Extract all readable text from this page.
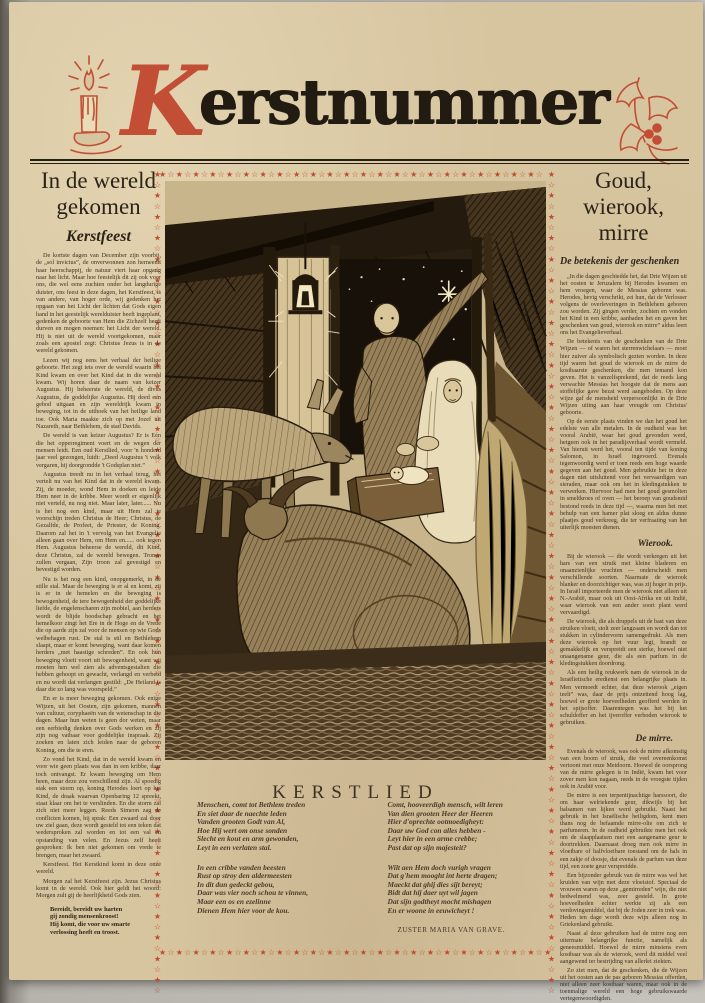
Kerstnummer
★☆★☆★☆★☆★☆★☆★☆★☆★☆★☆★☆★☆★☆★☆★☆★☆★☆★☆★☆★☆★☆★☆★☆
★☆★☆★☆★☆★☆★☆★☆★☆★☆★☆★☆★☆★☆★☆★☆★☆★☆★☆★☆★☆★☆★☆★☆★
★☆★☆★☆★☆★☆★☆★☆★☆★☆★☆★☆★☆★☆★☆★☆★☆★☆★☆★☆★☆★☆★☆★☆★☆★☆★☆★☆★☆★☆★☆★☆★☆★☆★☆★☆★☆★☆★☆★☆	★☆★☆★☆★☆★☆★☆★☆★☆★☆★☆★☆★☆★☆★☆★☆★☆★☆★☆★☆★☆★☆★☆★☆★☆★☆★☆★☆★☆★☆★☆★☆★☆★☆★☆★☆★☆★☆★☆★☆
In de wereld
gekomen
Kerstfeest

De kortste dagen van December zijn voorbij, de „sol invictus”, de onverwonnen zon herneemt haar heerschappij, de natuur viert haar opgang naar het licht. Maar hoe feestelijk dit zij ook voor ons, die wel eens zuchten onder het langdurige duister, ons feest in deze dagen, het Kerstfeest, is van andere, van hoger orde, wij gedenken het opgaan van het Licht der lichten dat Gods eigen hand in het geestelijk werelduister heeft ingeplant, gedenken de geboorte van Hem die Zichzelf heeft durven en mogen noemen: het Licht der wereld. Hij is niet uit de wereld voortgekomen, maar zoals een apostel zegt: Christus Jezus is in de wereld gekomen.

Lezen wij nog eens het verhaal der heilige geboorte. Het zegt iets over de wereld waarin het Kind kwam en over het Kind dat in die wereld kwam. Wij horen daar de naam van keizer Augustus. Hij beheerste de wereld, de divus Augustus, de goddelijke Augustus. Hij deed een gebod uitgaan en zijn wereldrijk kwam in beweging, tot in de uithoek van het heilige land toe. Ook Maria maakte zich op met Jozef uit Nazareth, naar Bethlehem, de stad Davids.

De wereld is van keizer Augustus? Er is Eén die het opperregiment voert en de wegen der mensen leidt. Een oud Kerstlied, voor 'n honderd jaar veel gezongen, luidt: „Deed Augustus 't volk vergaren, hij doorgrondde 't Godsplan niet.”

Augustus treedt nu in het verhaal terug, het vertelt nu van het Kind dat in de wereld kwam. Zij, de moeder, wond Hem in doeken en leide Hem neer in de kribbe. Meer wordt er eigenlijk niet verteld, nu nog niet. Maar later, later...... Nu is het nog een kind, maar uit Hem zal te voorschijn treden Christus de Heer; Christus, de Gezalfde, de Profeet, de Priester, de Koning. Daarom zal het in 't vervolg van het Evangelie alleen gaan over Hem, om Hem en...... ook tegen Hem. Augustus beheerse de wereld, dit Kind, deze Christus, zal de wereld bewegen. Tronen zullen vergaan, Zijn troon zal gevestigd en bevestigd worden.

Nu is het nog een kind, onopgemerkt, in de stille stal. Maar de beweging is er al en komt, zij is er in de hemelen en die beweging is bewogenheid, de tere bewogenheid der goddelijke liefde, de engelenscharen zijn mobiel, aan herders wordt de blijde boodschap gebracht en het hemelkoor zingt het Ere in de Hoge en de Vrede die op aarde zijn zal voor de mensen op wie Gods welbehagen rust. De stal is stil en Bethlehem slaapt, maar er komt beweging, want daar komen herders „met haastige schreden”. En ook hun beweging vloeit voort uit bewogenheid, want wij moeten hen wel zien als adventsgestalten die hebben gehoopt en gewacht, verlangd en verbeid en nu wordt dat verlangen gestild: „De Heiland is daar die zo lang was voorspeld.”

En er is meer beweging gekomen. Ook enige Wijzen, uit het Oosten, zijn gekomen, mannen van cultuur, coryphaeën van de wetenschap in die dagen. Maar hun weten is geen dor weten, maar een eerbiedig denken over Gods werken en zij zijn nog vatbaar voor goddelijke inspraak. Zij zoeken en laten zich leiden naar de geboren Koning, om die te eren.

Zo vond het Kind, dat in de wereld kwam en voor wie geen plaats was dan in een kribbe, daar toch ontvangst. Er kwam beweging om Hem heen, maar deze zou verschillend zijn. Al spoedig stak een storm op, koning Herodes loert op het Kind, de draak waarvan Openbaring 12 spreekt, staat klaar om het te verslinden. En die storm zal zich niet meer leggen. Reeds Simeon zag de conflicten komen, hij sprak: Een zwaard zal door uw ziel gaan, deze wordt gesteld tot een teken dat wedersproken zal worden en tot een val en opstanding van velen. En Jezus zelf heeft gesproken: Ik ben niet gekomen om vrede te brengen, maar het zwaard.

Kerstfeest. Het Kerstkind komt in deze onze wereld.

Morgen zal het Kerstfeest zijn. Jezus Christus komt in de wereld. Ook hier geldt het woord: Morgen zult gij de heerlijkheid Gods zien.

Bereidt, bereidt uw harten
gij zondig mensenkroost!
Hij komt, die voor uw smarte
verlossing heeft en troost.
Goud, wierook,
mirre
De betekenis der geschenken

„In die dagen geschiedde het, dat Drie Wijzen uit het oosten te Jeruzalem bij Herodes kwamen en hem vroegen, waar de Messias geboren was. Herodes, hevig verschrikt, zei hun, dat de Verlosser volgens de overleveringen in Bethlehem geboren zou worden. Zij gingen verder, zochten en vonden het Kind in een kribbe, aanbaden het en gaven het geschenken van goud, wierook en mirre” aldus leert ons het Evangelieverhaal.

De betekenis van de geschenken van de Drie Wijzen — of waren het sterrenwichelaars — moet hier zuiver als symbolisch gezien worden. In deze tijd waren het goud de wierook en de mirre de kostbaarste geschenken, die men iemand kon geven. Het is vanzelfsprekend, dat de reeds lang verwachte Messias het hoogste dat de mens aan stoffelijke gave bezat werd aangeboden. Op deze wijze gaf de mensheid verpersoonlijkt in de Drie Wijzen uiting aan haar vreugde om Christus' geboorte.

Op de eerste plaats vinden we dan het goud het edelste van alle metalen. In de oudheid was het vooral Arabië, waar het goud gevonden werd, hetgeen ook in het paradijsverhaal wordt vermeld. Van hieruit werd het, vooral ten tijde van koning Salomon, in Israël ingevoerd. Evenals tegenwoordig werd er toen reeds een hoge waarde gegeven aan het goud. Men gebruikte het in deze dagen niet uitsluitend voor het vervaardigen van sieraden, maar ook om het in kledingstukken te verwerken. Hiervoor had men het goud gesmolten in smeltkroes of oven — het beroep van goudsmid bestond reeds in deze tijd —, waarna men het met behulp van een hamer plat sloeg en aldus dunne plaatjes goud verkreeg, die ter verfraaiing van het uiterlijk moesten dienen.

Wierook.

Bij de wierook — die wordt verkregen uit het hars van een struik met kleine bladeren en onaanzienlijke vruchten — onderscheidt men verschillende soorten. Naarmate de wierook blanker en doorzichtiger was, was zij hoger in prijs. In Israël importeerde men de wierook niet alleen uit N.-Arabië, maar ook uit Oost-Afrika en uit Indië, waar wierook van een ander soort plant werd vervaardigd.

De wierook, die als druppels uit de bast van deze struiken vloeit, stolt zeer langzaam en wordt dan tot stukken in cylindervorm samengedrukt. Als men deze wierook op het vuur legt, brandt ze gemakkelijk en verspreidt een sterke, hoewel niet onaangename geur, die als een parfum in de kledingstukken doordrong.

Als een heilig reukwerk nam de wierook in de Israëlietische eredienst een belangrijke plaats in. Men vermoedt echter, dat deze wierook „eigen teelt” was, daar de prijs ontzettend hoog lag, hoewel er grote hoeveelheden geofferd werden in het spijsoffer. Daarentegen was het bij het schuldoffer en het ijveroffer verboden wierook te gebruiken.

De mirre.

Evenals de wierook, was ook de mirre afkomstig van een boom of struik, die veel overeenkomst vertoont met onze Meidoorn. Hoewel de oorsprong van de mirre gelegen is in Indië, kwam het voor zover men kon nagaan, reeds in de vroegste tijden ook in Arabië voor.

De mirre is een terpentijnachtige harssoort, die om haar welriekende geur, dikwijls bij het balsamen van lijken werd gebruikt. Naast het gebruik in het Israëlische heiligdom, kent men thans nog de befaamde mirre-olie om zich te parfumeren. In de oudheid gebruikte men het ook om de slaapplaatsen met een aangename geur te doortrekken. Daarnaast droeg men ook mirre in vloeibare of halfvloeibare toestand om de hals in een zakje of doosje, dat evenals de parfum van deze tijd, een zoete geur verspreidde.

Een bijzonder gebruik van de mirre was wel het kruiden van wijn met deze vloeistof. Speciaal de vrouwen waren op deze „gemirreden” wijn, die niet bedwelmend was, zeer gesteld. In grote hoeveelheden echter werkte zij als een verdovingsmiddel, dat bij de Joden zeer in trek was. Heden ten dage wordt deze wijn alleen nog in Griekenland gebruikt.

Naast al deze gebruiken had de mirre nog een uitermate belangrijke functie, namelijk als geneesmiddel. Hoewel de mirre minstens even kostbaar was als de wierook, werd dit middel veel aangewend ter bestrijding van allerlei ziekten.

Zo ziet men, dat de geschenken, die de Wijzen uit het oosten aan de pas geboren Messias offerden, niet alleen zeer kostbaar waren, maar ook in de toenmalige wereld een hoge gebruikswaarde vertegenwoordigden.

KERSTLIED
Menschen, comt tot Bethlem treden
En siet daar de naechte leden
Vanden grooten Godt van Al,
Hoe Hij wert om onse sonden
Slecht en kout en arm gewonden,
Leyt in een verlaten stal.
In een cribbe vanden beesten
Rust op stroy den aldermeesten
In dit dun gedeckt gebou,
Daar was vier noch schou te vinnen,
Maar een os en ezelinne
Dienen Hem hier voor de kou.
Comt, hooveerdigh mensch, wilt leren
Van dien grooten Heer der Heeren
Hier d'oprechte ootmoedigheyt:
Daar uw God con alles hebben -
Leyt hier in een arme crebbe;
Past dat op sijn majesteit?
Wilt aen Hem doch vurigh vragen
Dat g'hem mooght int herte dragen;
Maeckt dat ghij dies sijt bereyt;
Bidt dat hij daer uyt wil jagen
Dat sijn godtheyt mocht mishagen
En er woone in eeuwicheyt !
ZUSTER MARIA VAN GRAVE.
